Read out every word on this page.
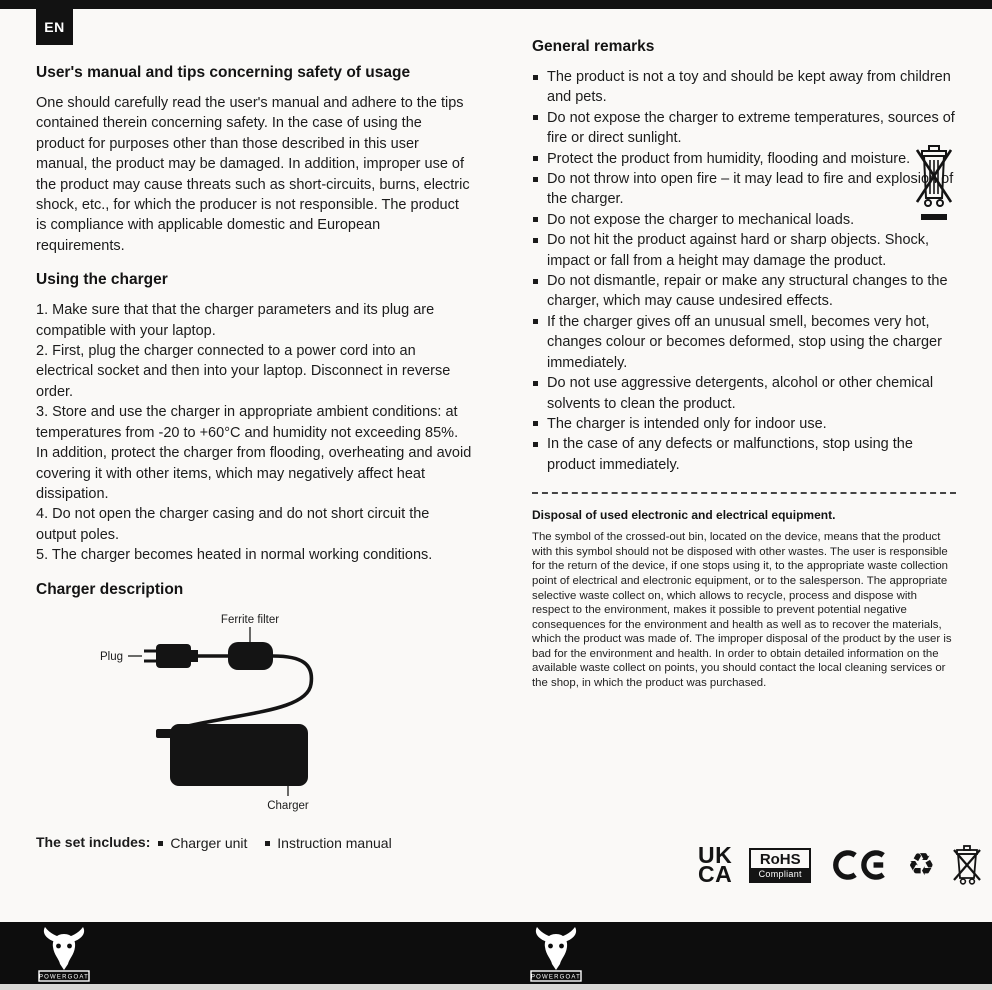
EN
User's manual and tips concerning safety of usage

One should carefully read the user's manual and adhere to the tips contained therein concerning safety. In the case of using the product for purposes other than those described in this user manual, the product may be damaged. In addition, improper use of the product may cause threats such as short-circuits, burns, electric shock, etc., for which the producer is not responsible. The product is compliance with applicable domestic and European requirements.

Using the charger

1. Make sure that that the charger parameters and its plug are compatible with your laptop.

2. First, plug the charger connected to a power cord into an electrical socket and then into your laptop. Disconnect in reverse order.

3. Store and use the charger in appropriate ambient conditions: at temperatures from -20 to +60°C and humidity not exceeding 85%. In addition, protect the charger from flooding, overheating and avoid covering it with other items, which may negatively affect heat dissipation.

4. Do not open the charger casing and do not short circuit the output poles.

5. The charger becomes heated in normal working conditions.

Charger description
Ferrite filter
Plug
Charger
The set includes: Charger unit
Instruction manual
General remarks
The product is not a toy and should be kept away from children and pets.
Do not expose the charger to extreme temperatures, sources of fire or direct sunlight.
Protect the product from humidity, flooding and moisture.
Do not throw into open fire – it may lead to fire and explosion of the charger.
Do not expose the charger to mechanical loads.
Do not hit the product against hard or sharp objects. Shock, impact or fall from a height may damage the product.
Do not dismantle, repair or make any structural changes to the charger, which may cause undesired effects.
If the charger gives off an unusual smell, becomes very hot, changes colour or becomes deformed, stop using the charger immediately.
Do not use aggressive detergents, alcohol or other chemical solvents to clean the product.
The charger is intended only for indoor use.
In the case of any defects or malfunctions, stop using the product immediately.
Disposal of used electronic and electrical equipment.

The symbol of the crossed-out bin, located on the device, means that the product with this symbol should not be disposed with other wastes. The user is responsible for the return of the device, if one stops using it, to the appropriate waste collection point of electrical and electronic equipment, or to the salesperson. The appropriate selective waste collect on, which allows to recycle, process and dispose with respect to the environment, makes it possible to prevent potential negative consequences for the environment and health as well as to recover the materials, which the product was made of. The improper disposal of the product by the user is bad for the environment and health. In order to obtain detailed information on the available waste collect on points, you should contact the local cleaning services or the shop, in which the product was purchased.

UK
CA
RoHS
Compliant	♻
POWERGOAT	POWERGOAT
